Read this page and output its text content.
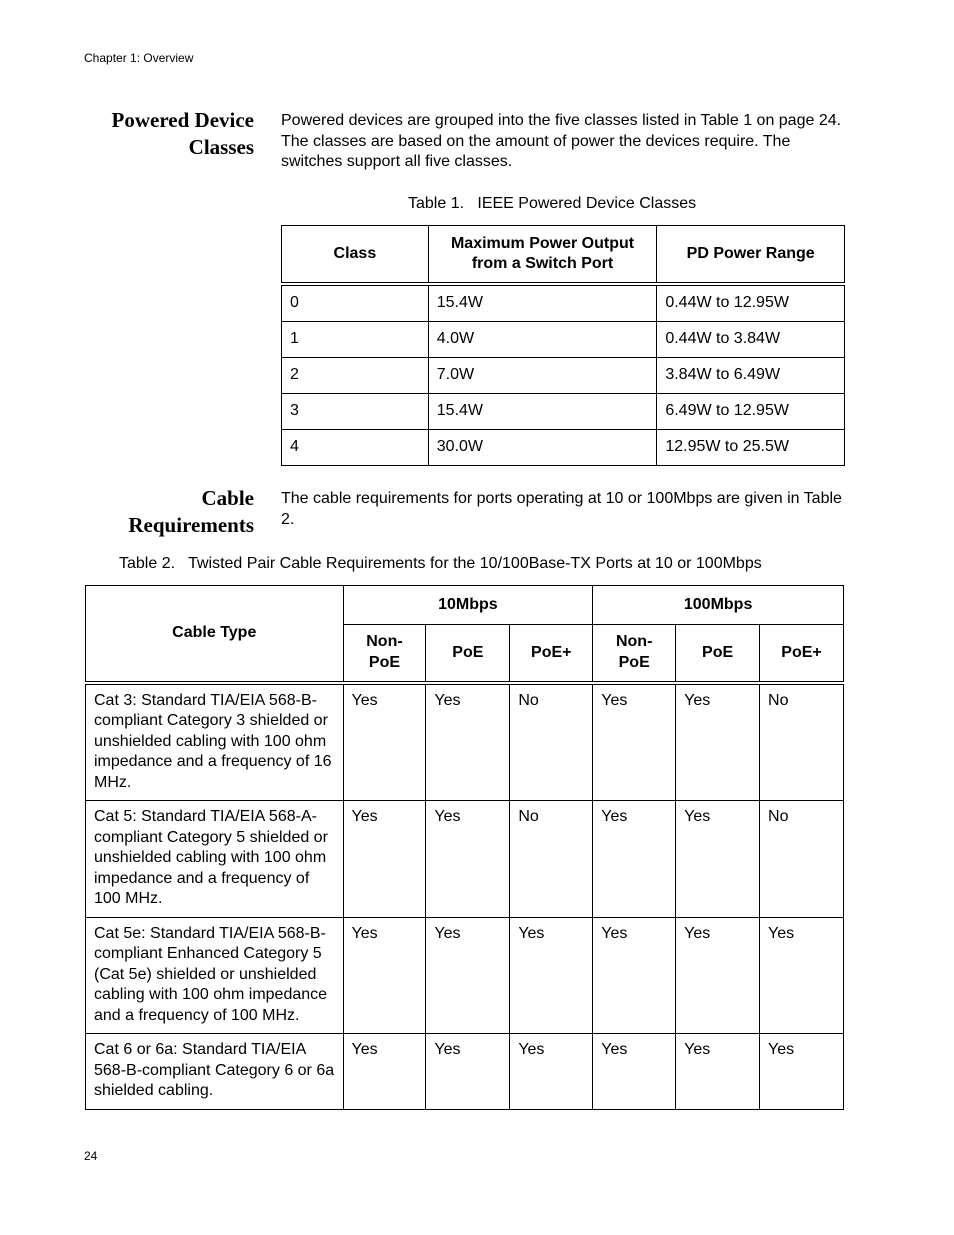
Chapter 1: Overview
Powered Device
Classes
Powered devices are grouped into the five classes listed in Table 1 on page 24. The classes are based on the amount of power the devices require. The switches support all five classes.
Table 1.   IEEE Powered Device Classes
Class	Maximum Power Output from a Switch Port	PD Power Range
0	15.4W	0.44W to 12.95W
1	4.0W	0.44W to 3.84W
2	7.0W	3.84W to 6.49W
3	15.4W	6.49W to 12.95W
4	30.0W	12.95W to 25.5W
Cable
Requirements
The cable requirements for ports operating at 10 or 100Mbps are given in Table 2.
Table 2.   Twisted Pair Cable Requirements for the 10/100Base-TX Ports at 10 or 100Mbps
Cable Type	10Mbps			100Mbps		
	Non-PoE	PoE	PoE+	Non-PoE	PoE	PoE+
Cat 3: Standard TIA/EIA 568-B-compliant Category 3 shielded or unshielded cabling with 100 ohm impedance and a frequency of 16 MHz.	Yes	Yes	No	Yes	Yes	No
Cat 5: Standard TIA/EIA 568-A-compliant Category 5 shielded or unshielded cabling with 100 ohm impedance and a frequency of 100 MHz.	Yes	Yes	No	Yes	Yes	No
Cat 5e: Standard TIA/EIA 568-B-compliant Enhanced Category 5 (Cat 5e) shielded or unshielded cabling with 100 ohm impedance and a frequency of 100 MHz.	Yes	Yes	Yes	Yes	Yes	Yes
Cat 6 or 6a: Standard TIA/EIA 568-B-compliant Category 6 or 6a shielded cabling.	Yes	Yes	Yes	Yes	Yes	Yes
24
